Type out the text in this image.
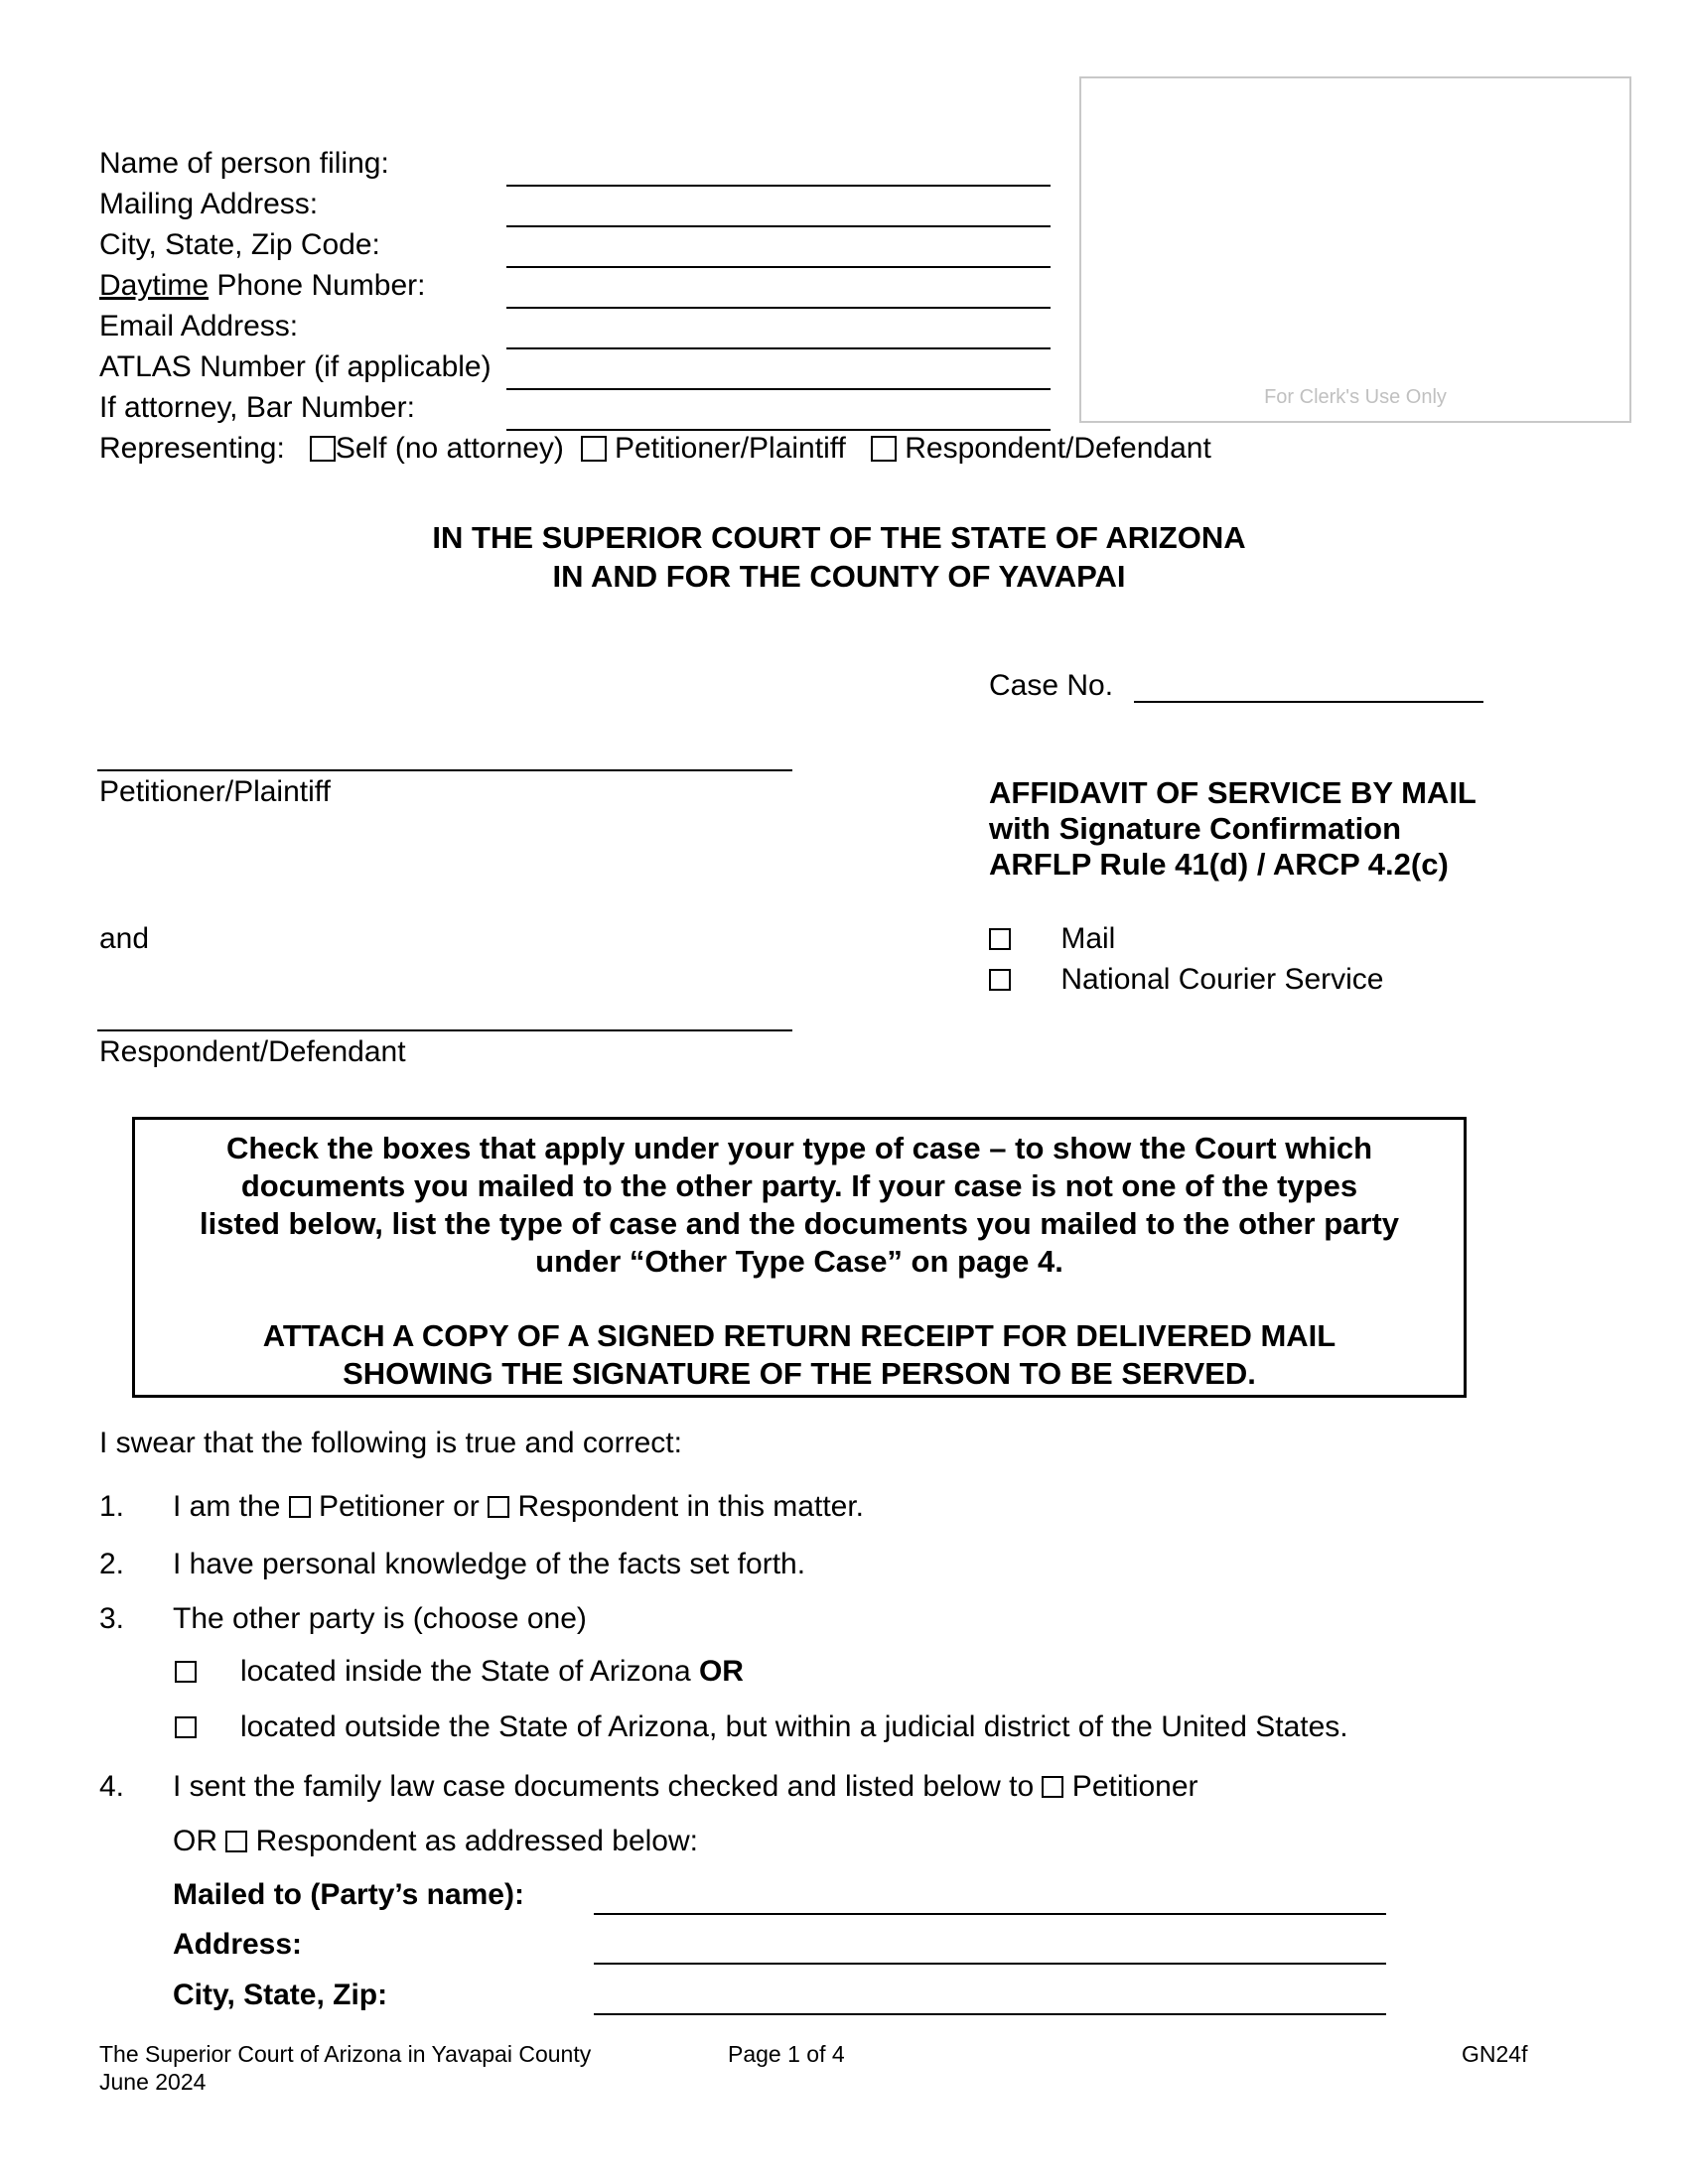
Name of person filing:
Mailing Address:
City, State, Zip Code:
Daytime Phone Number:
Email Address:
ATLAS Number (if applicable)
If attorney, Bar Number:
Representing: Self (no attorney) Petitioner/Plaintiff Respondent/Defendant
For Clerk's Use Only
IN THE SUPERIOR COURT OF THE STATE OF ARIZONA
IN AND FOR THE COUNTY OF YAVAPAI
Case No.
Petitioner/Plaintiff
and
Respondent/Defendant
AFFIDAVIT OF SERVICE BY MAIL
with Signature Confirmation
ARFLP Rule 41(d) / ARCP 4.2(c)
Mail
National Courier Service
Check the boxes that apply under your type of case – to show the Court which
documents you mailed to the other party. If your case is not one of the types
listed below, list the type of case and the documents you mailed to the other party
under “Other Type Case” on page 4.
ATTACH A COPY OF A SIGNED RETURN RECEIPT FOR DELIVERED MAIL
SHOWING THE SIGNATURE OF THE PERSON TO BE SERVED.
I swear that the following is true and correct:
1. I am the  Petitioner or  Respondent in this matter.
2. I have personal knowledge of the facts set forth.
3. The other party is (choose one)
located inside the State of Arizona OR
located outside the State of Arizona, but within a judicial district of the United States.
4. I sent the family law case documents checked and listed below to  Petitioner
OR  Respondent as addressed below:
Mailed to (Party’s name):
Address:
City, State, Zip:
The Superior Court of Arizona in Yavapai County
June 2024
Page 1 of 4	GN24f
